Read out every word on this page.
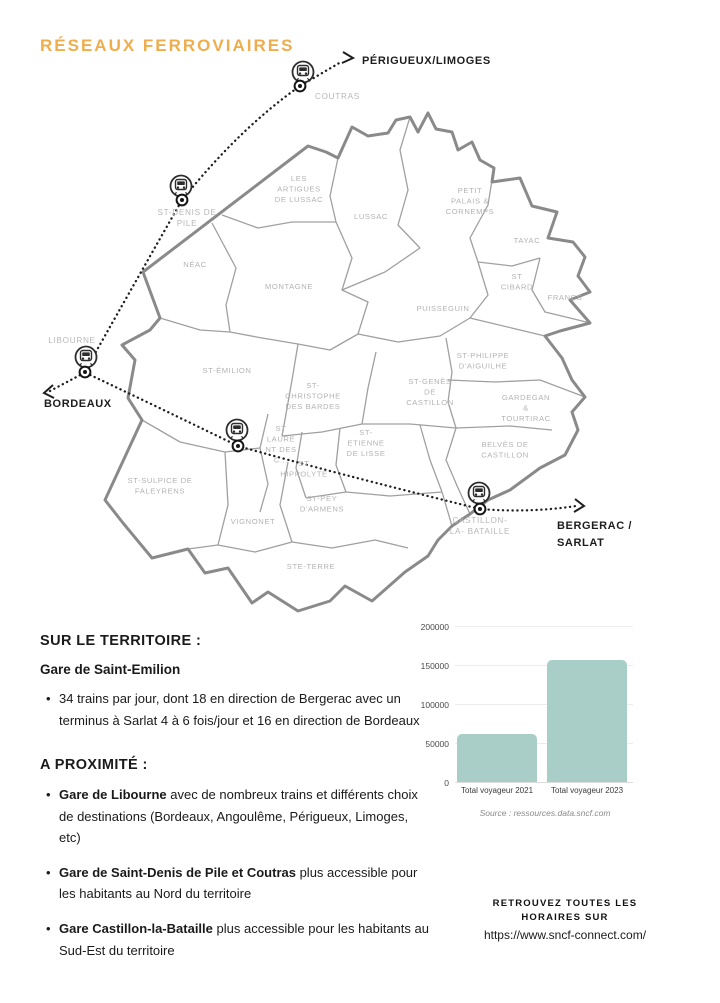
RÉSEAUX FERROVIAIRES
LES ARTIGUES DE LUSSAC
LUSSAC
NÉAC
MONTAGNE
PETIT PALAIS & CORNEMPS
TAYAC
ST CIBARD
FRANCS
PUISSEGUIN
ST-ÉMILION
ST-CHRISTOPHE DES BARDES
ST-GENÈS DE CASTILLON
ST-PHILIPPE D'AIGUILHE
GARDEGAN & TOURTIRAC
BELVÈS DE CASTILLON
ST LAURE NT DES C...	ST HIPPOLYTE
ST-ETIENNE DE LISSE
ST-PEY D'ARMENS
ST-SULPICE DE FALEYRENS
VIGNONET
STE-TERRE
COUTRAS
ST-DENIS DE PILE
LIBOURNE
CASTILLON-LA- BATAILLE
PÉRIGUEUX/LIMOGES
BORDEAUX
BERGERAC / SARLAT
SUR LE TERRITOIRE :
Gare de Saint-Emilion
• 34 trains par jour, dont 18 en direction de Bergerac avec un terminus à Sarlat 4 à 6 fois/jour et 16 en direction de Bordeaux
A PROXIMITÉ :
• Gare de Libourne avec de nombreux trains et différents choix de destinations (Bordeaux, Angoulême, Périgueux, Limoges, etc)
• Gare de Saint-Denis de Pile et Coutras plus accessible pour les habitants au Nord du territoire
• Gare Castillon-la-Bataille plus accessible pour les habitants au Sud-Est du territoire
0
50000
100000
150000
200000
Total voyageur 2021	Total voyageur 2023
Source : ressources.data.sncf.com
RETROUVEZ TOUTES LES
HORAIRES SUR
https://www.sncf-connect.com/
